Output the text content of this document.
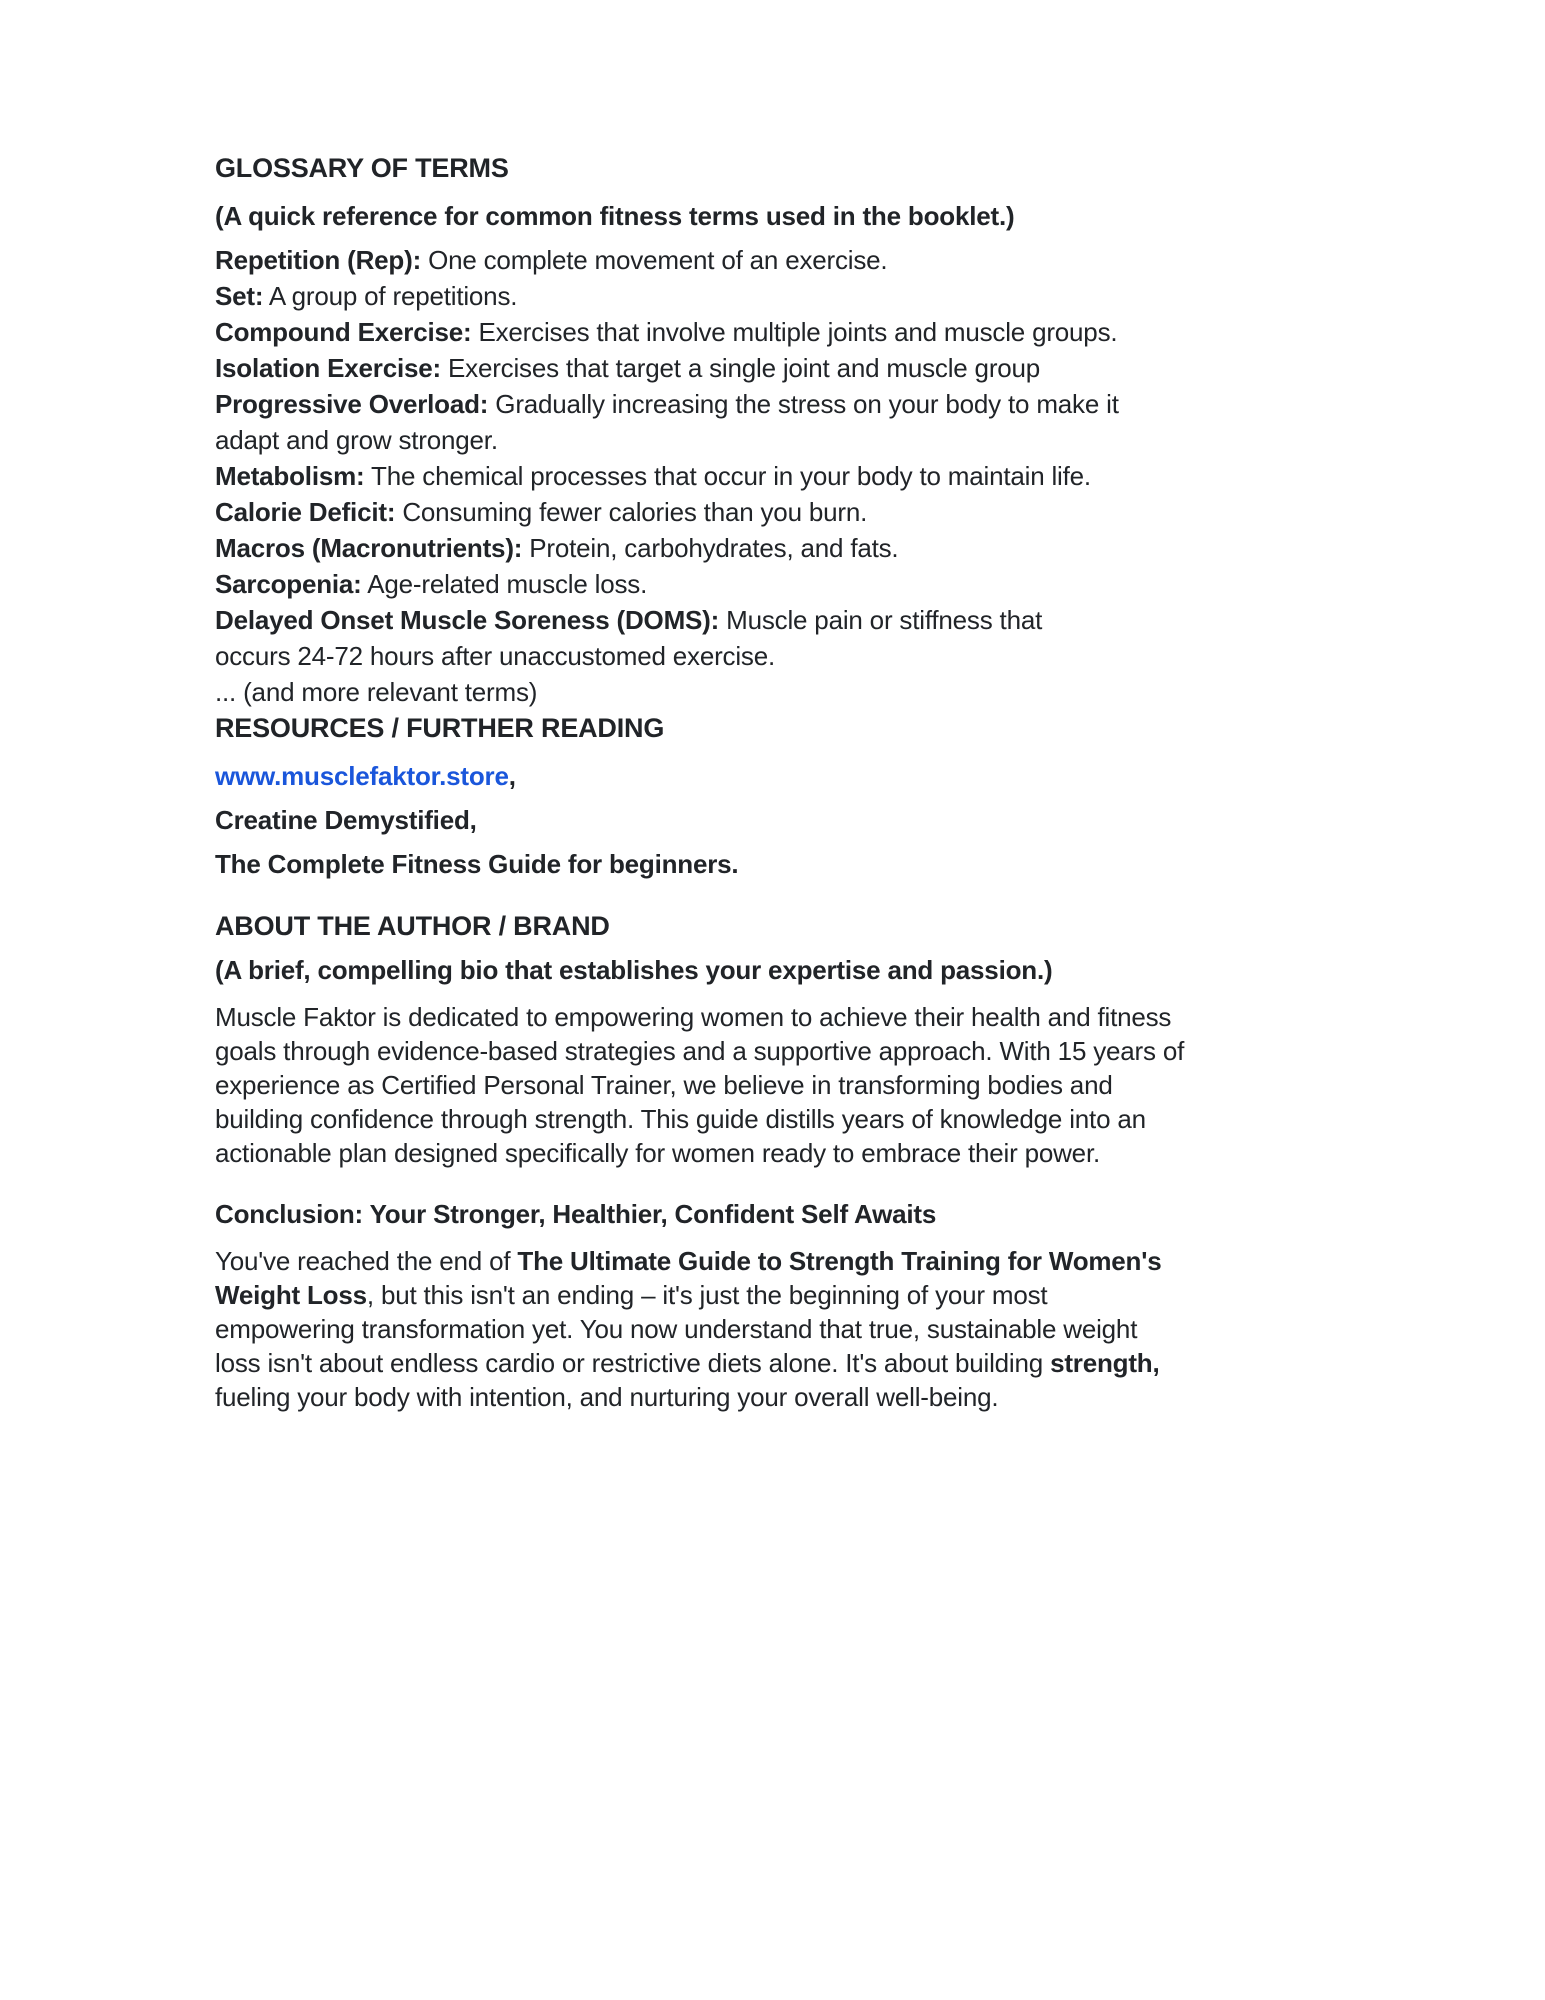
GLOSSARY OF TERMS

(A quick reference for common fitness terms used in the booklet.)

Repetition (Rep): One complete movement of an exercise.

Set: A group of repetitions.

Compound Exercise: Exercises that involve multiple joints and muscle groups.

Isolation Exercise: Exercises that target a single joint and muscle group

Progressive Overload: Gradually increasing the stress on your body to make it
adapt and grow stronger.

Metabolism: The chemical processes that occur in your body to maintain life.

Calorie Deficit: Consuming fewer calories than you burn.

Macros (Macronutrients): Protein, carbohydrates, and fats.

Sarcopenia: Age-related muscle loss.

Delayed Onset Muscle Soreness (DOMS): Muscle pain or stiffness that
occurs 24-72 hours after unaccustomed exercise.

... (and more relevant terms)

RESOURCES / FURTHER READING

www.musclefaktor.store,

Creatine Demystified,

The Complete Fitness Guide for beginners.

ABOUT THE AUTHOR / BRAND

(A brief, compelling bio that establishes your expertise and passion.)

Muscle Faktor is dedicated to empowering women to achieve their health and fitness
goals through evidence-based strategies and a supportive approach. With 15 years of
experience as Certified Personal Trainer, we believe in transforming bodies and
building confidence through strength. This guide distills years of knowledge into an
actionable plan designed specifically for women ready to embrace their power.
Conclusion: Your Stronger, Healthier, Confident Self Awaits
You've reached the end of The Ultimate Guide to Strength Training for Women's
Weight Loss, but this isn't an ending – it's just the beginning of your most
empowering transformation yet. You now understand that true, sustainable weight
loss isn't about endless cardio or restrictive diets alone. It's about building strength,
fueling your body with intention, and nurturing your overall well-being.
